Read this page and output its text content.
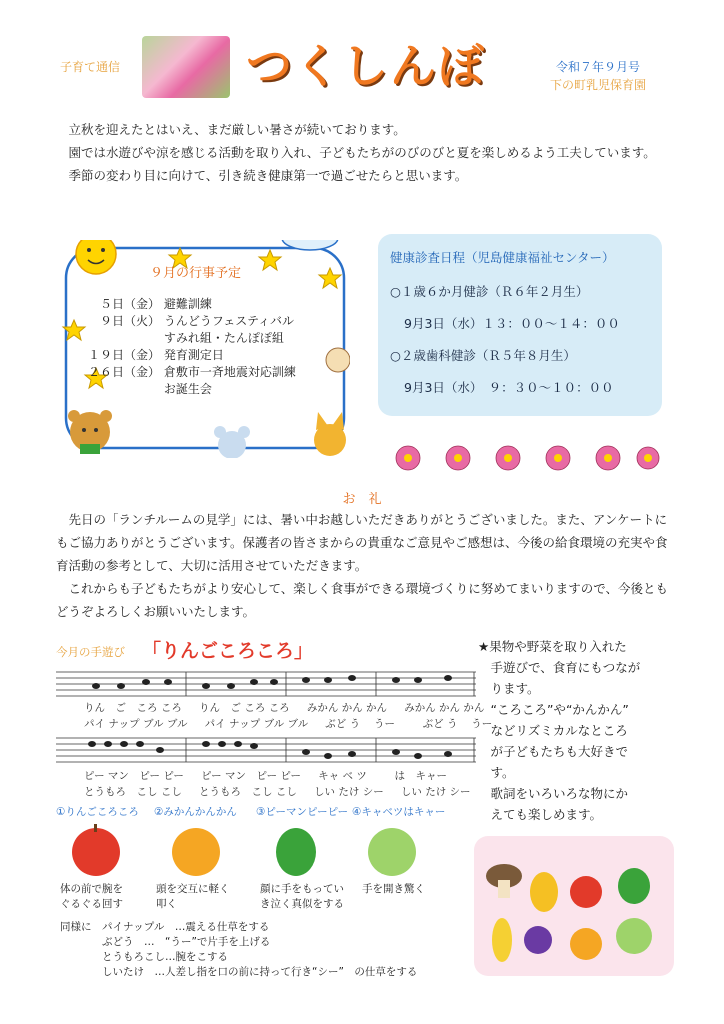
子育て通信	つくしんぼ	令和７年９月号
下の町乳児保育園

立秋を迎えたとはいえ、まだ厳しい暑さが続いております。

園では水遊びや涼を感じる活動を取り入れ、子どもたちがのびのびと夏を楽しめるよう工夫しています。

季節の変わり目に向けて、引き続き健康第一で過ごせたらと思います。

９月の行事予定
５日（金） 避難訓練
９日（火） うんどうフェスティバル
すみれ組・たんぽぽ組
１９日（金） 発育測定日
２６日（金） 倉敷市一斉地震対応訓練
お誕生会
健康診査日程（児島健康福祉センター）
○１歳６か月健診（Ｒ６年２月生）
9月3日（水）１３：００～１４：００
○２歳歯科健診（Ｒ５年８月生）
9月3日（水）　９：３０～１０：００
お　礼

先日の「ランチルームの見学」には、暑い中お越しいただきありがとうございました。また、アンケートにもご協力ありがとうございます。保護者の皆さまからの貴重なご意見やご感想は、今後の給食環境の充実や食育活動の参考として、大切に活用させていただきます。

これからも子どもたちがより安心して、楽しく食事ができる環境づくりに努めてまいりますので、今後ともどうぞよろしくお願いいたします。

今月の手遊び 「りんごころころ」
りん　ご　ころ ころ　  りん　ご ころ ころ　  みかん かん かん　  みかん かん かん
パイ ナップ ブル ブル　  パイ ナップ ブル ブル　  ぶど う　 うー　　  ぶど う　 うー
ピー マン　ピー ピー　  ピー マン　ピー ピー　  キャ ベ ツ　　  は　キャー
とうもろ　こし こし　  とうもろ　こし こし　  しい たけ シー　  しい たけ シー
①りんごころころ ②みかんかんかん ③ピーマンピーピー ④キャベツはキャー
体の前で腕を
ぐるぐる回す
頭を交互に軽く
叩く
顔に手をもってい
き泣く真似をする
手を開き驚く
同様に　パイナップル　…震える仕草をする
　　　　ぶどう　…　“うー”で片手を上げる
　　　　とうもろこし…腕をこする
　　　　しいたけ　…人差し指を口の前に持って行き“シー”　の仕草をする

★果物や野菜を取り入れた

　手遊びで、食育にもつなが

　ります。

　“ころころ”や“かんかん”

　などリズミカルなところ

　が子どもたちも大好きで

　す。

　歌詞をいろいろな物にか

　えても楽しめます。
